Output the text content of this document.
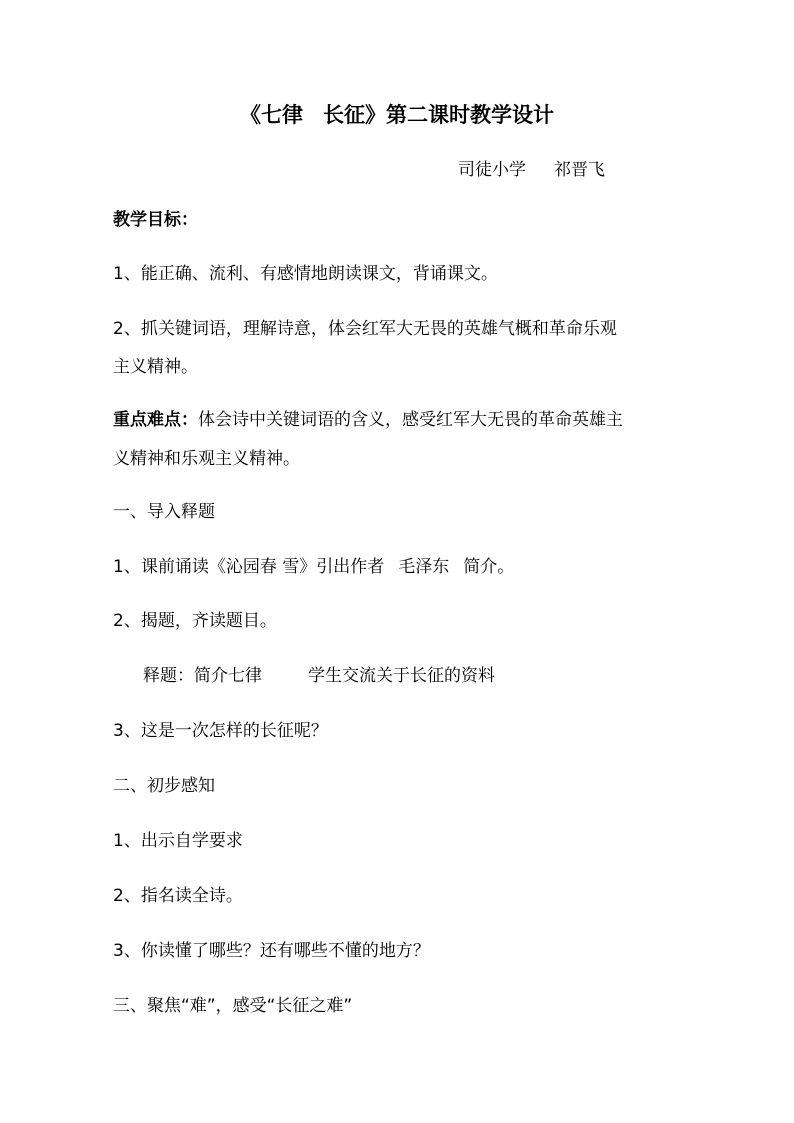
《七律 长征》第二课时教学设计
司徒小学 祁晋飞
教学目标：
1、能正确、流利、有感情地朗读课文，背诵课文。
2、抓关键词语，理解诗意，体会红军大无畏的英雄气概和革命乐观
主义精神。
重点难点：体会诗中关键词语的含义，感受红军大无畏的革命英雄主
义精神和乐观主义精神。
一、导入释题
1、课前诵读《沁园春 雪》引出作者 毛泽东 简介。
2、揭题，齐读题目。
释题：简介七律	学生交流关于长征的资料
3、这是一次怎样的长征呢？
二、初步感知
1、出示自学要求
2、指名读全诗。
3、你读懂了哪些？还有哪些不懂的地方？
三、聚焦“难”，感受“长征之难”
